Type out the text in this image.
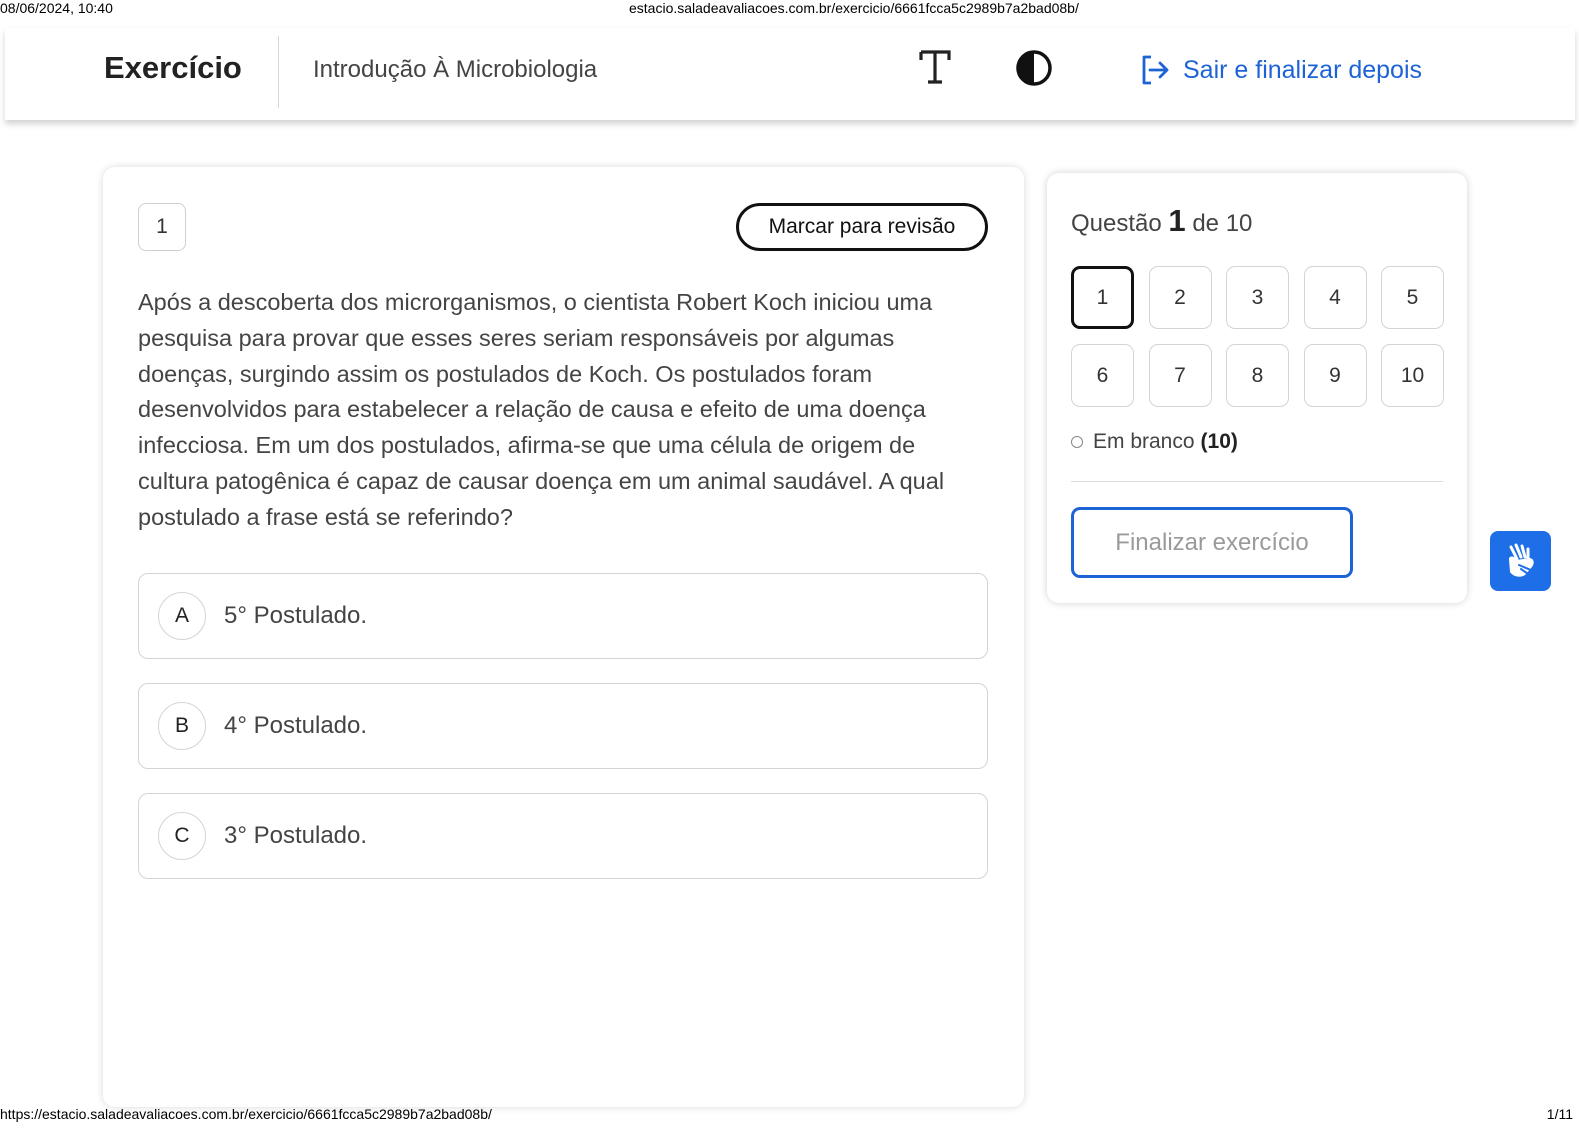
08/06/2024, 10:40	estacio.saladeavaliacoes.com.br/exercicio/6661fcca5c2989b7a2bad08b/
Exercício	Introdução À Microbiologia	Sair e finalizar depois
1	Marcar para revisão
Após a descoberta dos microrganismos, o cientista Robert Koch iniciou uma pesquisa para provar que esses seres seriam responsáveis por algumas doenças, surgindo assim os postulados de Koch. Os postulados foram desenvolvidos para estabelecer a relação de causa e efeito de uma doença infecciosa. Em um dos postulados, afirma-se que uma célula de origem de cultura patogênica é capaz de causar doença em um animal saudável. A qual postulado a frase está se referindo?
A	5° Postulado.
B	4° Postulado.
C	3° Postulado.
Questão 1 de 10
1	2	3	4	5
6	7	8	9	10
Em branco (10)
Finalizar exercício
https://estacio.saladeavaliacoes.com.br/exercicio/6661fcca5c2989b7a2bad08b/	1/11
